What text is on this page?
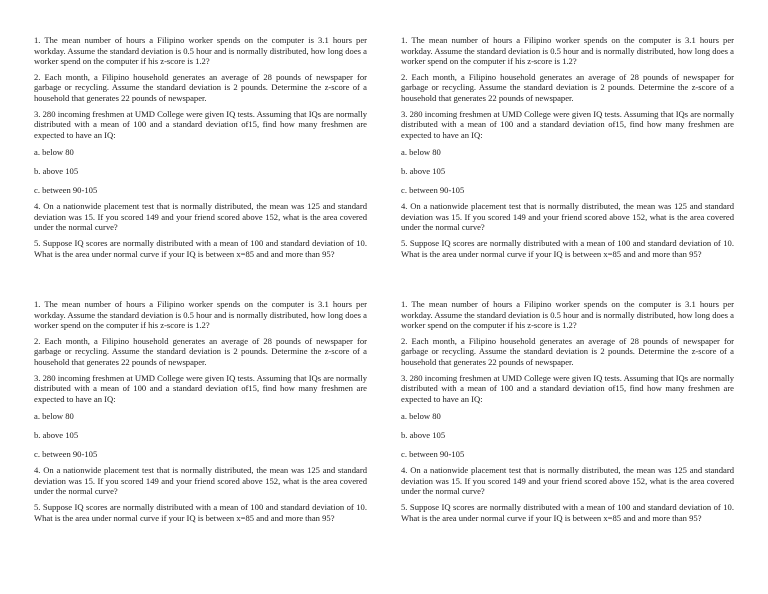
1. The mean number of hours a Filipino worker spends on the computer is 3.1 hours per workday. Assume the standard deviation is 0.5 hour and is normally distributed, how long does a worker spend on the computer if his z-score is 1.2?

2. Each month, a Filipino household generates an average of 28 pounds of newspaper for garbage or recycling. Assume the standard deviation is 2 pounds. Determine the z-score of a household that generates 22 pounds of newspaper.

3. 280 incoming freshmen at UMD College were given IQ tests. Assuming that IQs are normally distributed with a mean of 100 and a standard deviation of15, find how many freshmen are expected to have an IQ:

a. below 80

b. above 105

c. between 90-105

4. On a nationwide placement test that is normally distributed, the mean was 125 and standard deviation was 15. If you scored 149 and your friend scored above 152, what is the area covered under the normal curve?

5. Suppose IQ scores are normally distributed with a mean of 100 and standard deviation of 10. What is the area under normal curve if your IQ is between x=85 and and more than 95?

1. The mean number of hours a Filipino worker spends on the computer is 3.1 hours per workday. Assume the standard deviation is 0.5 hour and is normally distributed, how long does a worker spend on the computer if his z-score is 1.2?

2. Each month, a Filipino household generates an average of 28 pounds of newspaper for garbage or recycling. Assume the standard deviation is 2 pounds. Determine the z-score of a household that generates 22 pounds of newspaper.

3. 280 incoming freshmen at UMD College were given IQ tests. Assuming that IQs are normally distributed with a mean of 100 and a standard deviation of15, find how many freshmen are expected to have an IQ:

a. below 80

b. above 105

c. between 90-105

4. On a nationwide placement test that is normally distributed, the mean was 125 and standard deviation was 15. If you scored 149 and your friend scored above 152, what is the area covered under the normal curve?

5. Suppose IQ scores are normally distributed with a mean of 100 and standard deviation of 10. What is the area under normal curve if your IQ is between x=85 and and more than 95?

1. The mean number of hours a Filipino worker spends on the computer is 3.1 hours per workday. Assume the standard deviation is 0.5 hour and is normally distributed, how long does a worker spend on the computer if his z-score is 1.2?

2. Each month, a Filipino household generates an average of 28 pounds of newspaper for garbage or recycling. Assume the standard deviation is 2 pounds. Determine the z-score of a household that generates 22 pounds of newspaper.

3. 280 incoming freshmen at UMD College were given IQ tests. Assuming that IQs are normally distributed with a mean of 100 and a standard deviation of15, find how many freshmen are expected to have an IQ:

a. below 80

b. above 105

c. between 90-105

4. On a nationwide placement test that is normally distributed, the mean was 125 and standard deviation was 15. If you scored 149 and your friend scored above 152, what is the area covered under the normal curve?

5. Suppose IQ scores are normally distributed with a mean of 100 and standard deviation of 10. What is the area under normal curve if your IQ is between x=85 and and more than 95?

1. The mean number of hours a Filipino worker spends on the computer is 3.1 hours per workday. Assume the standard deviation is 0.5 hour and is normally distributed, how long does a worker spend on the computer if his z-score is 1.2?

2. Each month, a Filipino household generates an average of 28 pounds of newspaper for garbage or recycling. Assume the standard deviation is 2 pounds. Determine the z-score of a household that generates 22 pounds of newspaper.

3. 280 incoming freshmen at UMD College were given IQ tests. Assuming that IQs are normally distributed with a mean of 100 and a standard deviation of15, find how many freshmen are expected to have an IQ:

a. below 80

b. above 105

c. between 90-105

4. On a nationwide placement test that is normally distributed, the mean was 125 and standard deviation was 15. If you scored 149 and your friend scored above 152, what is the area covered under the normal curve?

5. Suppose IQ scores are normally distributed with a mean of 100 and standard deviation of 10. What is the area under normal curve if your IQ is between x=85 and and more than 95?
